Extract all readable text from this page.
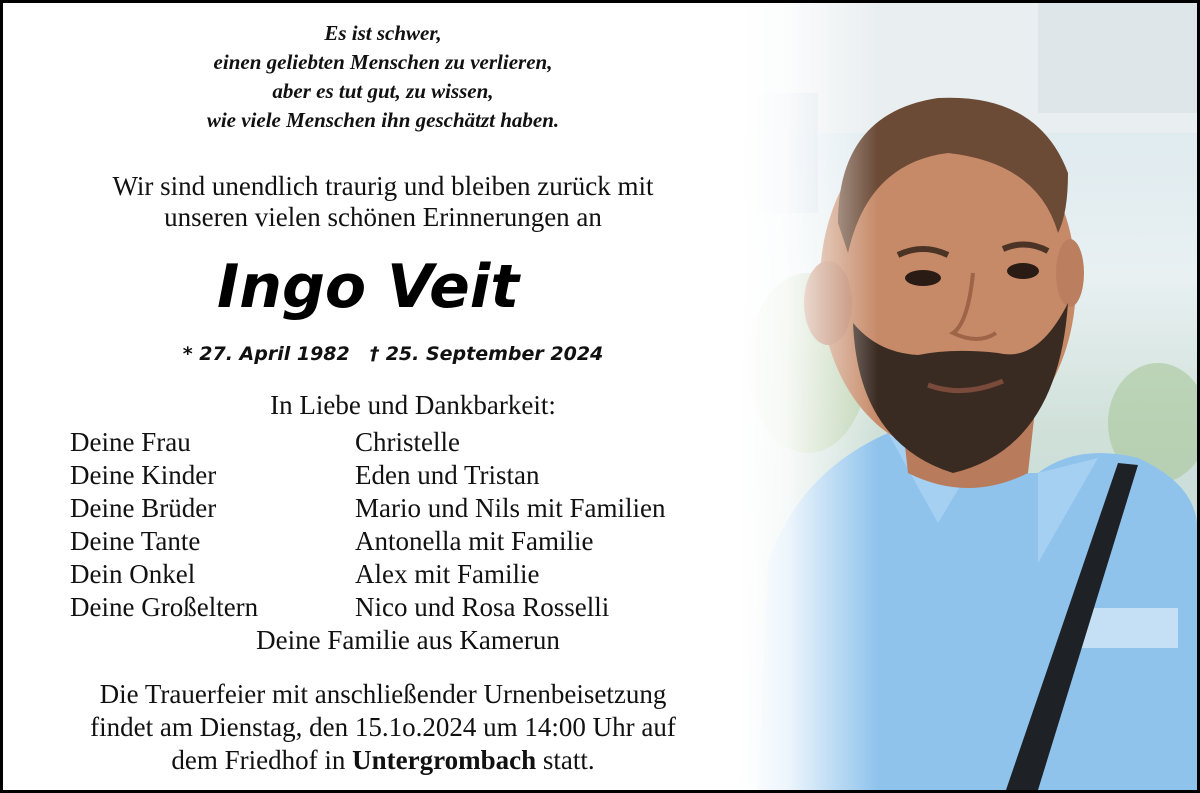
Es ist schwer,
einen geliebten Menschen zu verlieren,
aber es tut gut, zu wissen,
wie viele Menschen ihn geschätzt haben.
Wir sind unendlich traurig und bleiben zurück mit
unseren vielen schönen Erinnerungen an
Ingo Veit
* 27. April 1982 † 25. September 2024
In Liebe und Dankbarkeit:
Deine Frau	Christelle
Deine Kinder	Eden und Tristan
Deine Brüder	Mario und Nils mit Familien
Deine Tante	Antonella mit Familie
Dein Onkel	Alex mit Familie
Deine Großeltern	Nico und Rosa Rosselli
Deine Familie aus Kamerun
Die Trauerfeier mit anschließender Urnenbeisetzung
findet am Dienstag, den 15.1o.2024 um 14:00 Uhr auf
dem Friedhof in Untergrombach statt.
